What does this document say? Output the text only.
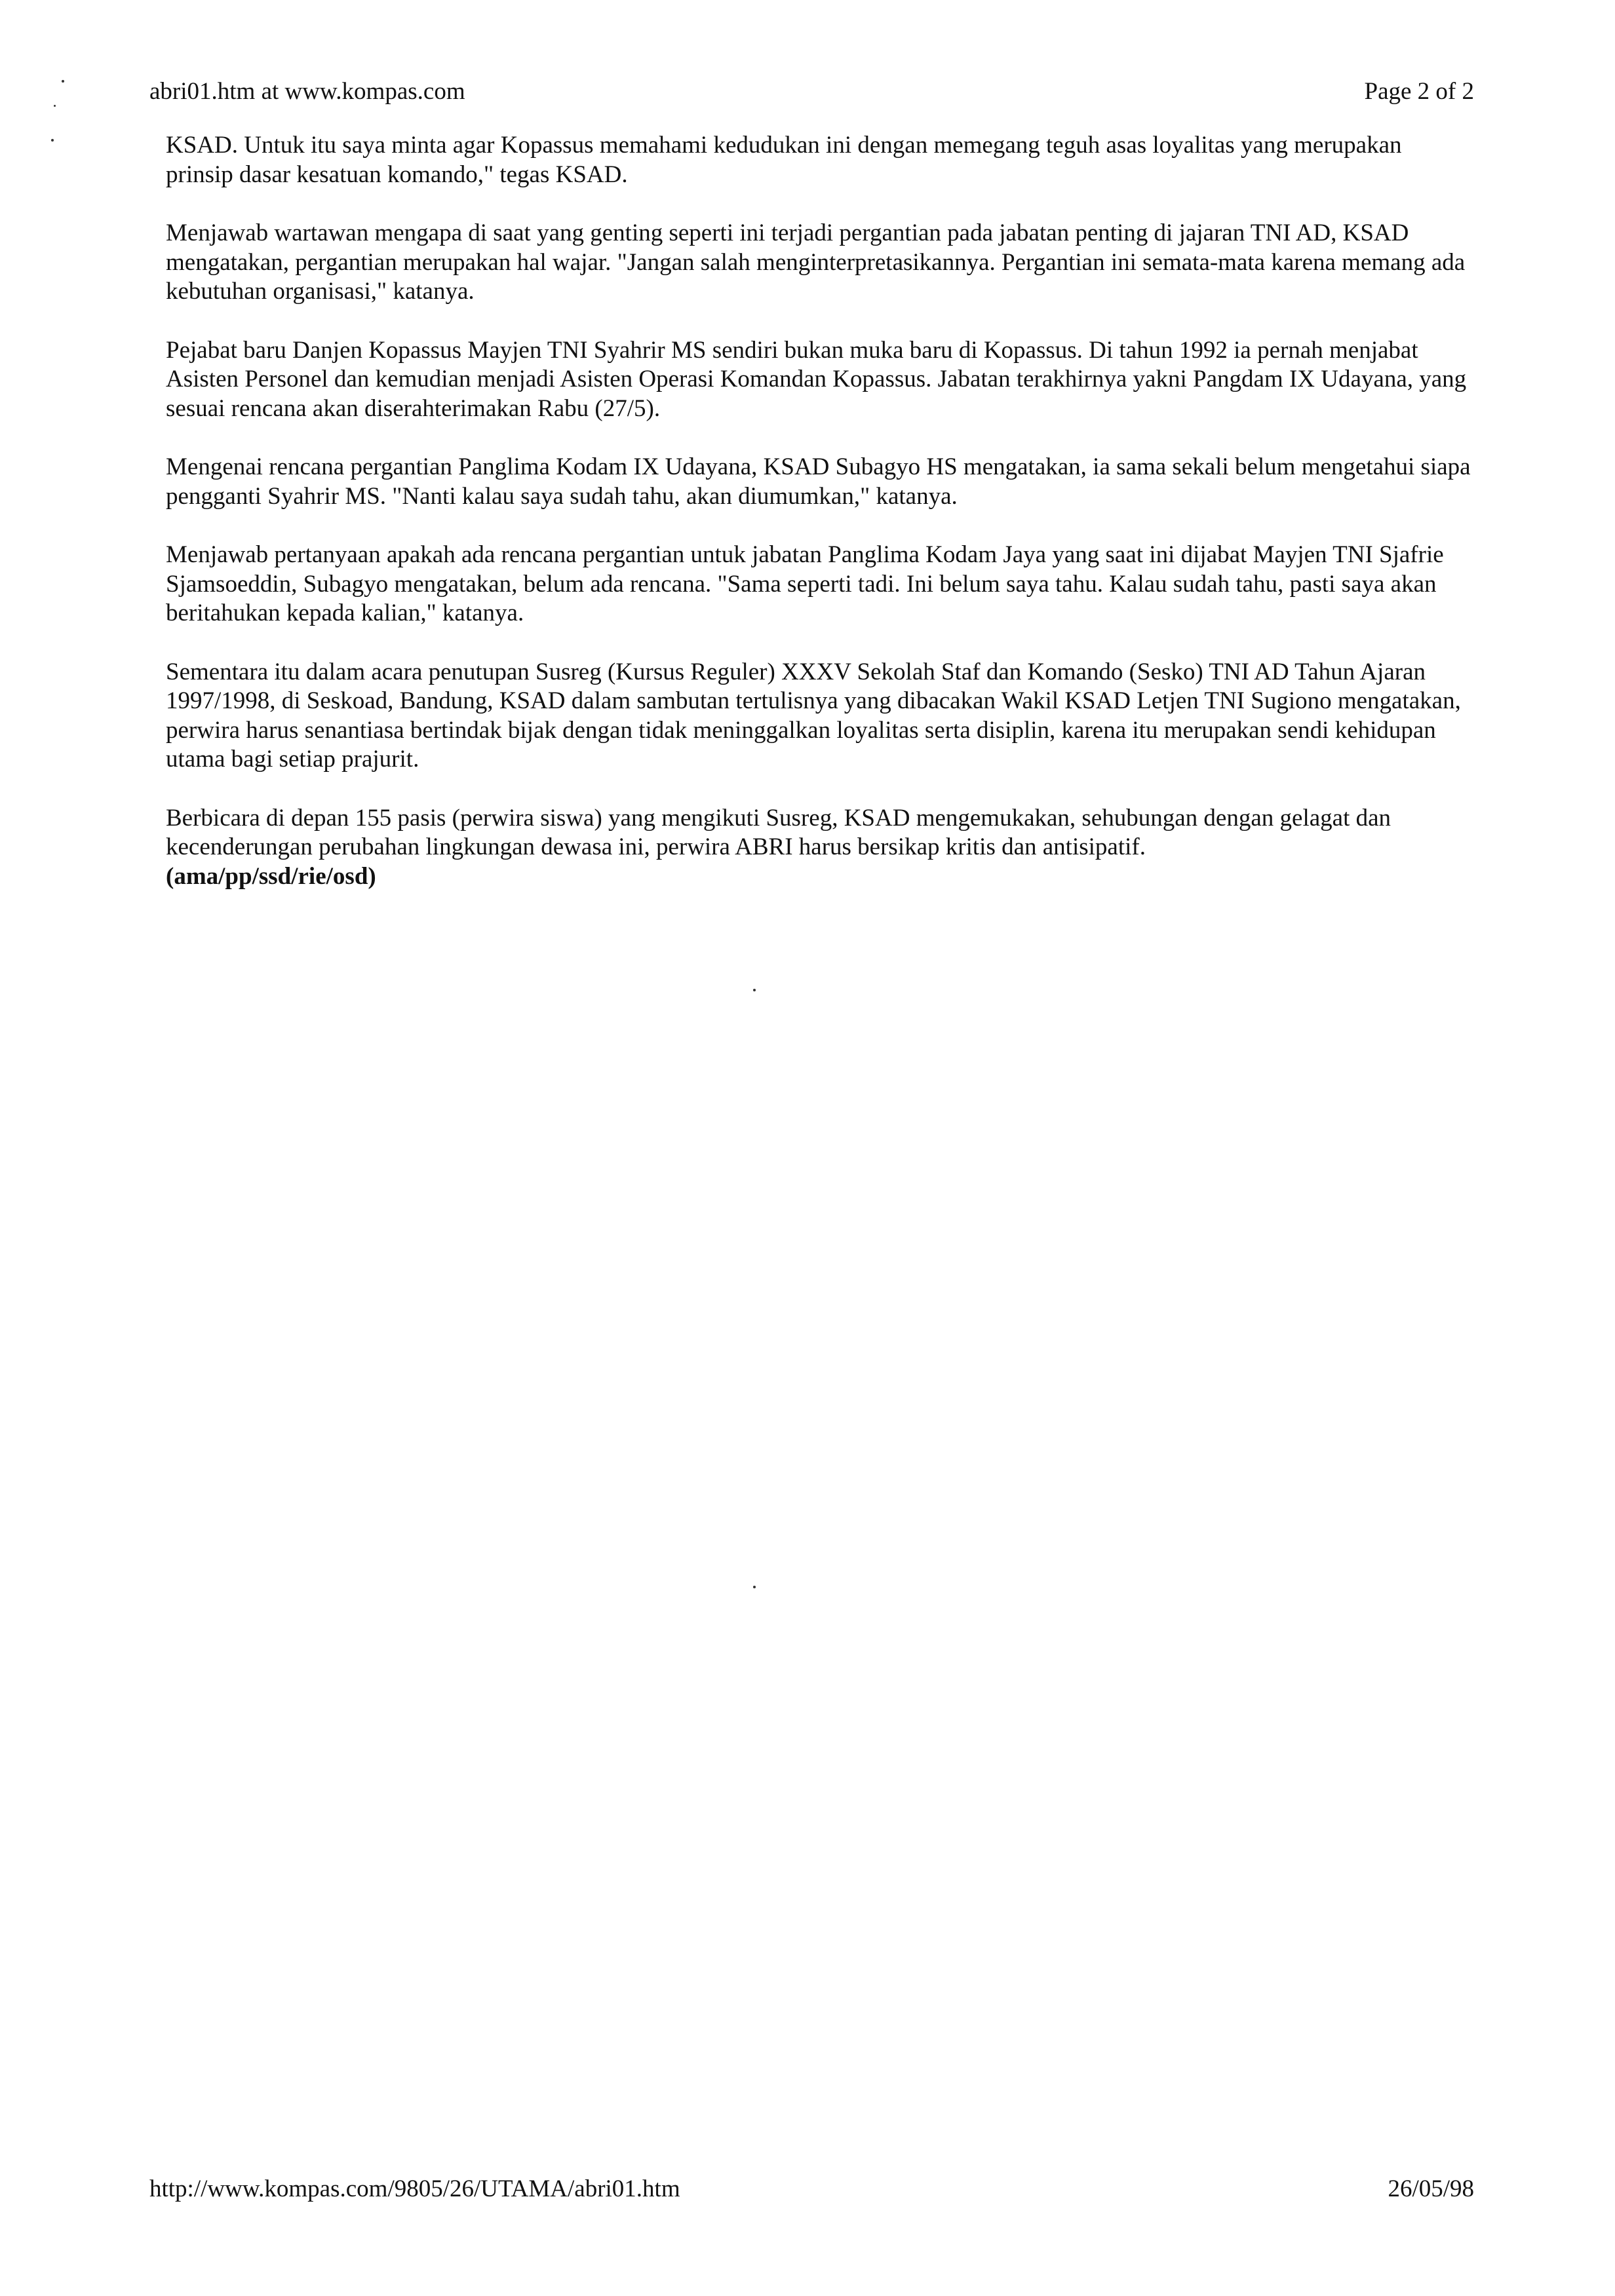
abri01.htm at www.kompas.com	Page 2 of 2

KSAD. Untuk itu saya minta agar Kopassus memahami kedudukan ini dengan memegang teguh asas loyalitas yang merupakan prinsip dasar kesatuan komando," tegas KSAD.

Menjawab wartawan mengapa di saat yang genting seperti ini terjadi pergantian pada jabatan penting di jajaran TNI AD, KSAD mengatakan, pergantian merupakan hal wajar. "Jangan salah menginterpretasikannya. Pergantian ini semata-mata karena memang ada kebutuhan organisasi," katanya.

Pejabat baru Danjen Kopassus Mayjen TNI Syahrir MS sendiri bukan muka baru di Kopassus. Di tahun 1992 ia pernah menjabat Asisten Personel dan kemudian menjadi Asisten Operasi Komandan Kopassus. Jabatan terakhirnya yakni Pangdam IX Udayana, yang sesuai rencana akan diserahterimakan Rabu (27/5).

Mengenai rencana pergantian Panglima Kodam IX Udayana, KSAD Subagyo HS mengatakan, ia sama sekali belum mengetahui siapa pengganti Syahrir MS. "Nanti kalau saya sudah tahu, akan diumumkan," katanya.

Menjawab pertanyaan apakah ada rencana pergantian untuk jabatan Panglima Kodam Jaya yang saat ini dijabat Mayjen TNI Sjafrie Sjamsoeddin, Subagyo mengatakan, belum ada rencana. "Sama seperti tadi. Ini belum saya tahu. Kalau sudah tahu, pasti saya akan beritahukan kepada kalian," katanya.

Sementara itu dalam acara penutupan Susreg (Kursus Reguler) XXXV Sekolah Staf dan Komando (Sesko) TNI AD Tahun Ajaran 1997/1998, di Seskoad, Bandung, KSAD dalam sambutan tertulisnya yang dibacakan Wakil KSAD Letjen TNI Sugiono mengatakan, perwira harus senantiasa bertindak bijak dengan tidak meninggalkan loyalitas serta disiplin, karena itu merupakan sendi kehidupan utama bagi setiap prajurit.

Berbicara di depan 155 pasis (perwira siswa) yang mengikuti Susreg, KSAD mengemukakan, sehubungan dengan gelagat dan kecenderungan perubahan lingkungan dewasa ini, perwira ABRI harus bersikap kritis dan antisipatif.
(ama/pp/ssd/rie/osd)
http://www.kompas.com/9805/26/UTAMA/abri01.htm	26/05/98
